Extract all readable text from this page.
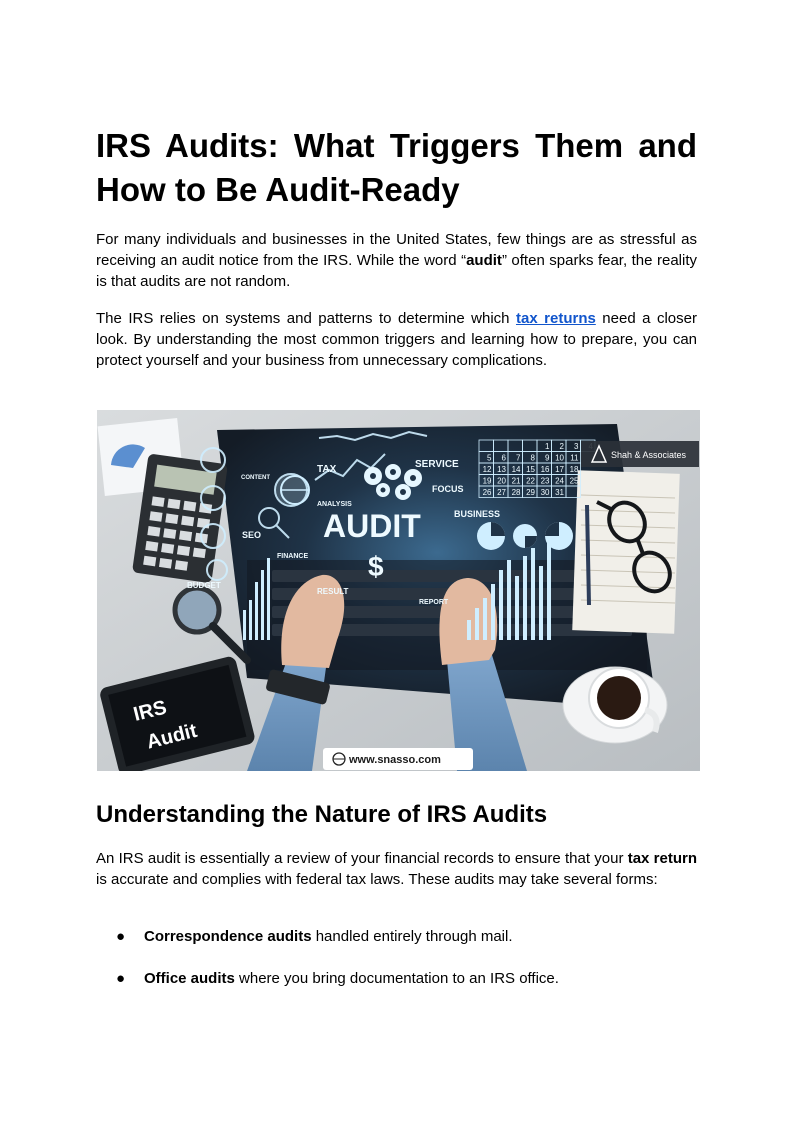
IRS Audits: What Triggers Them and How to Be Audit-Ready

For many individuals and businesses in the United States, few things are as stressful as receiving an audit notice from the IRS. While the word “audit” often sparks fear, the reality is that audits are not random.

The IRS relies on systems and patterns to determine which tax returns need a closer look. By understanding the most common triggers and learning how to prepare, you can protect yourself and your business from unnecessary complications.

Understanding the Nature of IRS Audits

An IRS audit is essentially a review of your financial records to ensure that your tax return is accurate and complies with federal tax laws. These audits may take several forms:

● Correspondence audits handled entirely through mail.
● Office audits where you bring documentation to an IRS office.
IRS
Audit
AUDIT
$
TAX	SERVICE
FOCUS
ANALYSIS
BUSINESS
CONTENT
SEO
FINANCE
RESULT
REPORT
BUDGET
1 2 3
5 6 7 8 9 10 11
12 13 14 15 16 17 18
19 20 21 22 23 24 25
26 27 28 29 30 31
Shah & Associates
www.snasso.com
